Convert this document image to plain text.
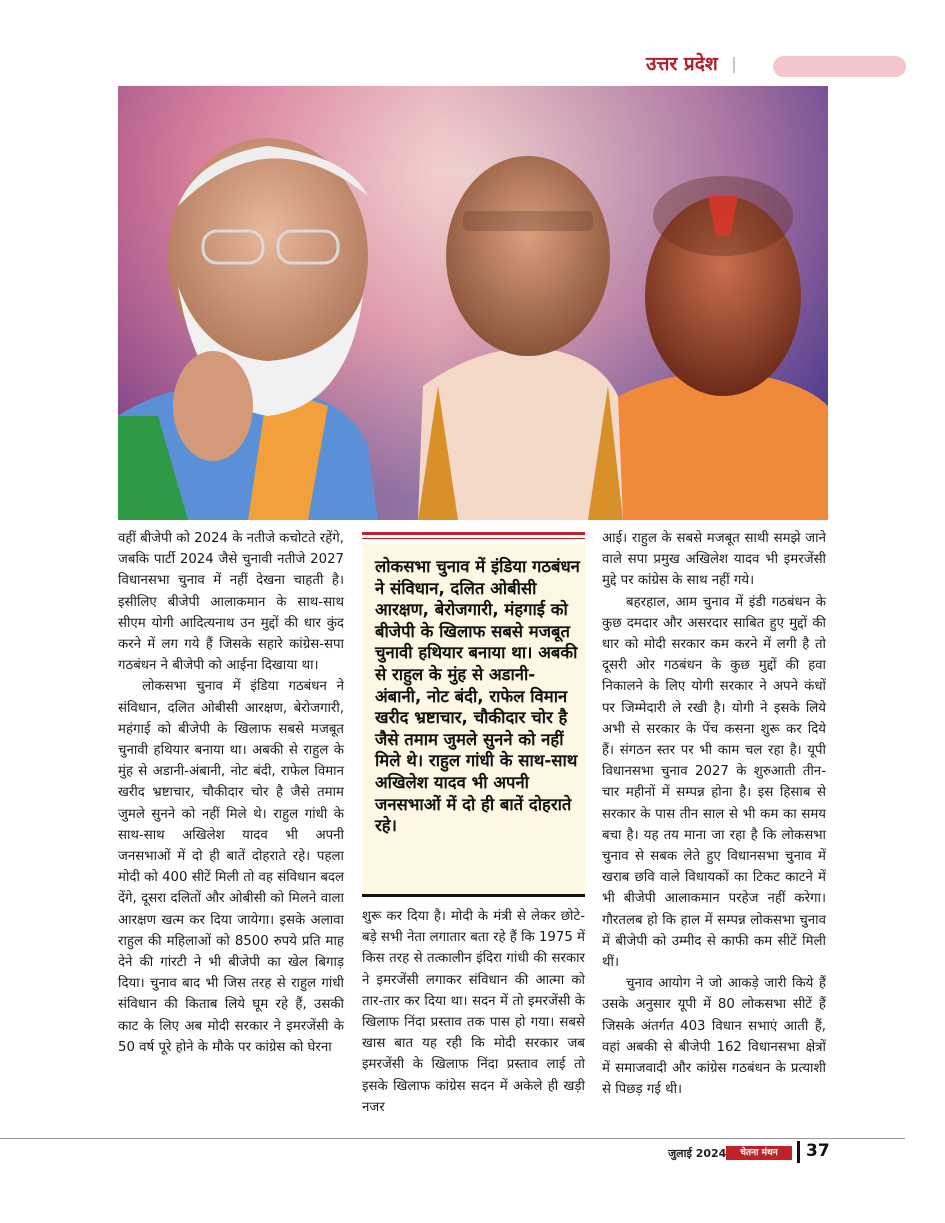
उत्तर प्रदेश

वहीं बीजेपी को 2024 के नतीजे कचोटते रहेंगे, जबकि पार्टी 2024 जैसे चुनावी नतीजे 2027 विधानसभा चुनाव में नहीं देखना चाहती है। इसीलिए बीजेपी आलाकमान के साथ-साथ सीएम योगी आदित्यनाथ उन मुद्दों की धार कुंद करने में लग गये हैं जिसके सहारे कांग्रेस-सपा गठबंधन ने बीजेपी को आईना दिखाया था।

लोकसभा चुनाव में इंडिया गठबंधन ने संविधान, दलित ओबीसी आरक्षण, बेरोजगारी, महंगाई को बीजेपी के खिलाफ सबसे मजबूत चुनावी हथियार बनाया था। अबकी से राहुल के मुंह से अडानी-अंबानी, नोट बंदी, राफेल विमान खरीद भ्रष्टाचार, चौकीदार चोर है जैसे तमाम जुमले सुनने को नहीं मिले थे। राहुल गांधी के साथ-साथ अखिलेश यादव भी अपनी जनसभाओं में दो ही बातें दोहराते रहे। पहला मोदी को 400 सीटें मिली तो वह संविधान बदल देंगे, दूसरा दलितों और ओबीसी को मिलने वाला आरक्षण खत्म कर दिया जायेगा। इसके अलावा राहुल की महिलाओं को 8500 रुपये प्रति माह देने की गांरटी ने भी बीजेपी का खेल बिगाड़ दिया। चुनाव बाद भी जिस तरह से राहुल गांधी संविधान की किताब लिये घूम रहे हैं, उसकी काट के लिए अब मोदी सरकार ने इमरजेंसी के 50 वर्ष पूरे होने के मौके पर कांग्रेस को घेरना

लोकसभा चुनाव में इंडिया गठबंधन ने संविधान, दलित ओबीसी आरक्षण, बेरोजगारी, मंहगाई को बीजेपी के खिलाफ सबसे मजबूत चुनावी हथियार बनाया था। अबकी से राहुल के मुंह से अडानी-अंबानी, नोट बंदी, राफेल विमान खरीद भ्रष्टाचार, चौकीदार चोर है जैसे तमाम जुमले सुनने को नहीं मिले थे। राहुल गांधी के साथ-साथ अखिलेश यादव भी अपनी जनसभाओं में दो ही बातें दोहराते रहे।

शुरू कर दिया है। मोदी के मंत्री से लेकर छोटे-बड़े सभी नेता लगातार बता रहे हैं कि 1975 में किस तरह से तत्कालीन इंदिरा गांधी की सरकार ने इमरजेंसी लगाकर संविधान की आत्मा को तार-तार कर दिया था। सदन में तो इमरजेंसी के खिलाफ निंदा प्रस्ताव तक पास हो गया। सबसे खास बात यह रही कि मोदी सरकार जब इमरजेंसी के खिलाफ निंदा प्रस्ताव लाई तो इसके खिलाफ कांग्रेस सदन में अकेले ही खड़ी नजर

आई। राहुल के सबसे मजबूत साथी समझे जाने वाले सपा प्रमुख अखिलेश यादव भी इमरजेंसी मुद्दे पर कांग्रेस के साथ नहीं गये।

बहरहाल, आम चुनाव में इंडी गठबंधन के कुछ दमदार और असरदार साबित हुए मुद्दों की धार को मोदी सरकार कम करने में लगी है तो दूसरी ओर गठबंधन के कुछ मुद्दों की हवा निकालने के लिए योगी सरकार ने अपने कंधों पर जिम्मेदारी ले रखी है। योगी ने इसके लिये अभी से सरकार के पेंच कसना शुरू कर दिये हैं। संगठन स्तर पर भी काम चल रहा है। यूपी विधानसभा चुनाव 2027 के शुरुआती तीन-चार महीनों में सम्पन्न होना है। इस हिसाब से सरकार के पास तीन साल से भी कम का समय बचा है। यह तय माना जा रहा है कि लोकसभा चुनाव से सबक लेते हुए विधानसभा चुनाव में खराब छवि वाले विधायकों का टिकट काटने में भी बीजेपी आलाकमान परहेज नहीं करेगा। गौरतलब हो कि हाल में सम्पन्न लोकसभा चुनाव में बीजेपी को उम्मीद से काफी कम सीटें मिली थीं।

चुनाव आयोग ने जो आकड़े जारी किये हैं उसके अनुसार यूपी में 80 लोकसभा सीटें हैं जिसके अंतर्गत 403 विधान सभाएं आती हैं, वहां अबकी से बीजेपी 162 विधानसभा क्षेत्रों में समाजवादी और कांग्रेस गठबंधन के प्रत्याशी से पिछड़ गई थी।

जुलाई 2024	चेतना मंथन	37
